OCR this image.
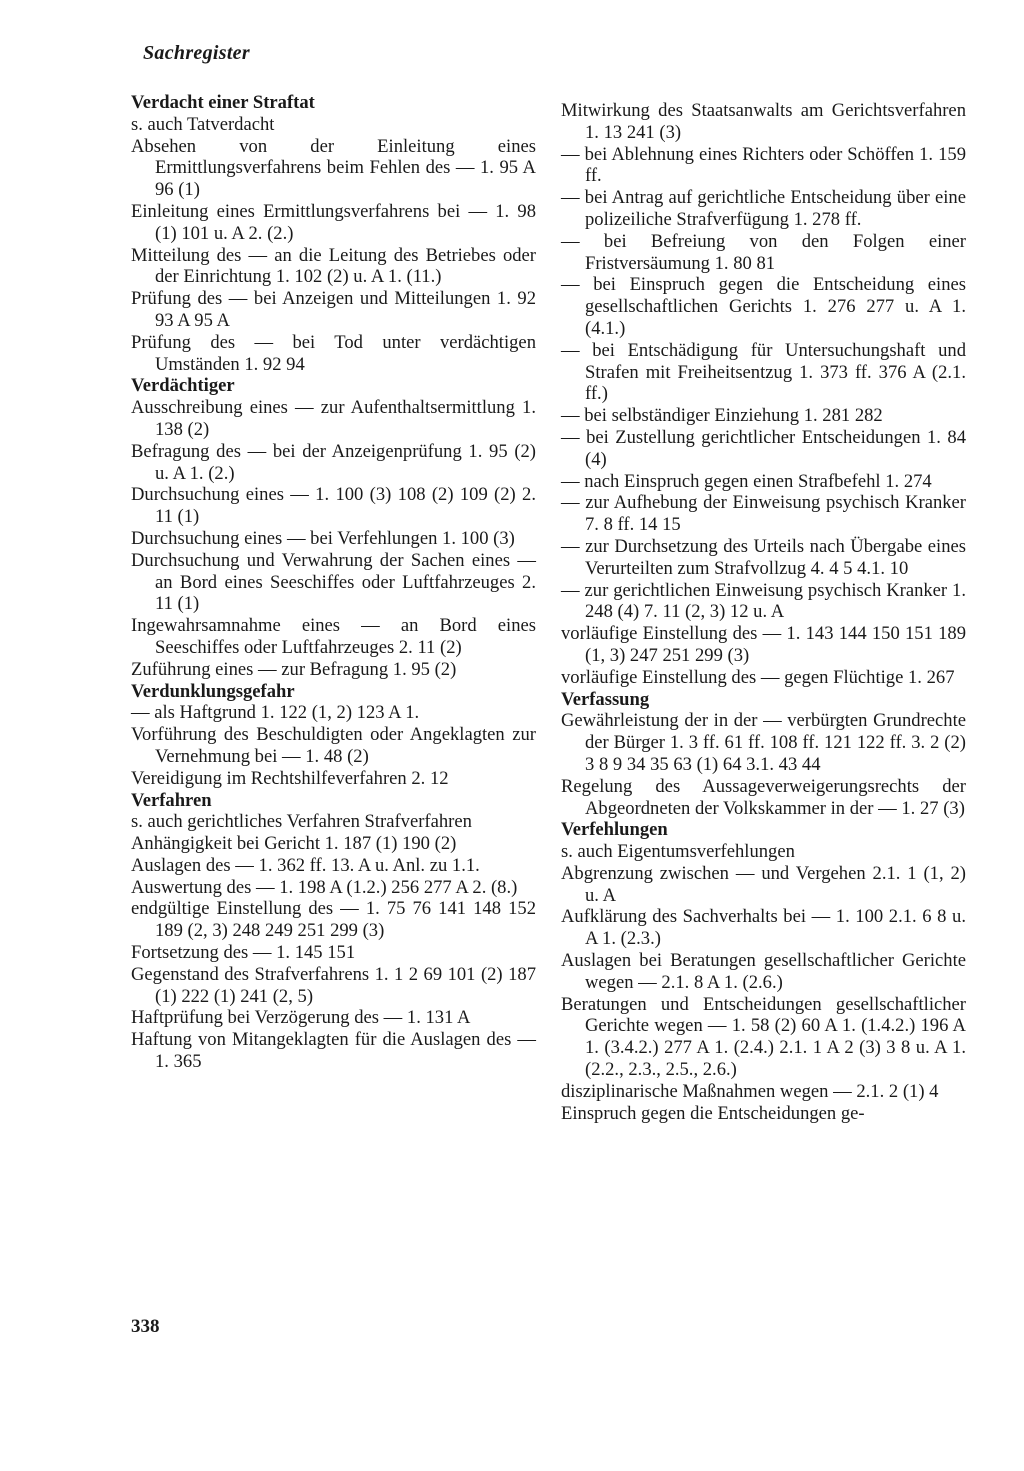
Sachregister
Verdacht einer Straftat
s. auch Tatverdacht
Absehen von der Einleitung eines Ermittlungsverfahrens beim Fehlen des — 1. 95 A 96 (1)
Einleitung eines Ermittlungsverfahrens bei — 1. 98 (1) 101 u. A 2. (2.)
Mitteilung des — an die Leitung des Betriebes oder der Einrichtung 1. 102 (2) u. A 1. (11.)
Prüfung des — bei Anzeigen und Mitteilungen 1. 92 93 A 95 A
Prüfung des — bei Tod unter verdächtigen Umständen 1. 92 94
Verdächtiger
Ausschreibung eines — zur Aufenthaltsermittlung 1. 138 (2)
Befragung des — bei der Anzeigenprüfung 1. 95 (2) u. A 1. (2.)
Durchsuchung eines — 1. 100 (3) 108 (2) 109 (2) 2. 11 (1)
Durchsuchung eines — bei Verfehlungen 1. 100 (3)
Durchsuchung und Verwahrung der Sachen eines — an Bord eines Seeschiffes oder Luftfahrzeuges 2. 11 (1)
Ingewahrsamnahme eines — an Bord eines Seeschiffes oder Luftfahrzeuges 2. 11 (2)
Zuführung eines — zur Befragung 1. 95 (2)
Verdunklungsgefahr
— als Haftgrund 1. 122 (1, 2) 123 A 1.
Vorführung des Beschuldigten oder Angeklagten zur Vernehmung bei — 1. 48 (2)
Vereidigung im Rechtshilfeverfahren 2. 12
Verfahren
s. auch gerichtliches Verfahren Strafverfahren
Anhängigkeit bei Gericht 1. 187 (1) 190 (2)
Auslagen des — 1. 362 ff. 13. A u. Anl. zu 1.1.
Auswertung des — 1. 198 A (1.2.) 256 277 A 2. (8.)
endgültige Einstellung des — 1. 75 76 141 148 152 189 (2, 3) 248 249 251 299 (3)
Fortsetzung des — 1. 145 151
Gegenstand des Strafverfahrens 1. 1 2 69 101 (2) 187 (1) 222 (1) 241 (2, 5)
Haftprüfung bei Verzögerung des — 1. 131 A
Haftung von Mitangeklagten für die Auslagen des — 1. 365
Mitwirkung des Staatsanwalts am Gerichtsverfahren 1. 13 241 (3)
— bei Ablehnung eines Richters oder Schöffen 1. 159 ff.
— bei Antrag auf gerichtliche Entscheidung über eine polizeiliche Strafverfügung 1. 278 ff.
— bei Befreiung von den Folgen einer Fristversäumung 1. 80 81
— bei Einspruch gegen die Entscheidung eines gesellschaftlichen Gerichts 1. 276 277 u. A 1. (4.1.)
— bei Entschädigung für Untersuchungshaft und Strafen mit Freiheitsentzug 1. 373 ff. 376 A (2.1. ff.)
— bei selbständiger Einziehung 1. 281 282
— bei Zustellung gerichtlicher Entscheidungen 1. 84 (4)
— nach Einspruch gegen einen Strafbefehl 1. 274
— zur Aufhebung der Einweisung psychisch Kranker 7. 8 ff. 14 15
— zur Durchsetzung des Urteils nach Übergabe eines Verurteilten zum Strafvollzug 4. 4 5 4.1. 10
— zur gerichtlichen Einweisung psychisch Kranker 1. 248 (4) 7. 11 (2, 3) 12 u. A
vorläufige Einstellung des — 1. 143 144 150 151 189 (1, 3) 247 251 299 (3)
vorläufige Einstellung des — gegen Flüchtige 1. 267
Verfassung
Gewährleistung der in der — verbürgten Grundrechte der Bürger 1. 3 ff. 61 ff. 108 ff. 121 122 ff. 3. 2 (2) 3 8 9 34 35 63 (1) 64 3.1. 43 44
Regelung des Aussageverweigerungsrechts der Abgeordneten der Volkskammer in der — 1. 27 (3)
Verfehlungen
s. auch Eigentumsverfehlungen
Abgrenzung zwischen — und Vergehen 2.1. 1 (1, 2) u. A
Aufklärung des Sachverhalts bei — 1. 100 2.1. 6 8 u. A 1. (2.3.)
Auslagen bei Beratungen gesellschaftlicher Gerichte wegen — 2.1. 8 A 1. (2.6.)
Beratungen und Entscheidungen gesellschaftlicher Gerichte wegen — 1. 58 (2) 60 A 1. (1.4.2.) 196 A 1. (3.4.2.) 277 A 1. (2.4.) 2.1. 1 A 2 (3) 3 8 u. A 1. (2.2., 2.3., 2.5., 2.6.)
disziplinarische Maßnahmen wegen — 2.1. 2 (1) 4
Einspruch gegen die Entscheidungen ge-
338
